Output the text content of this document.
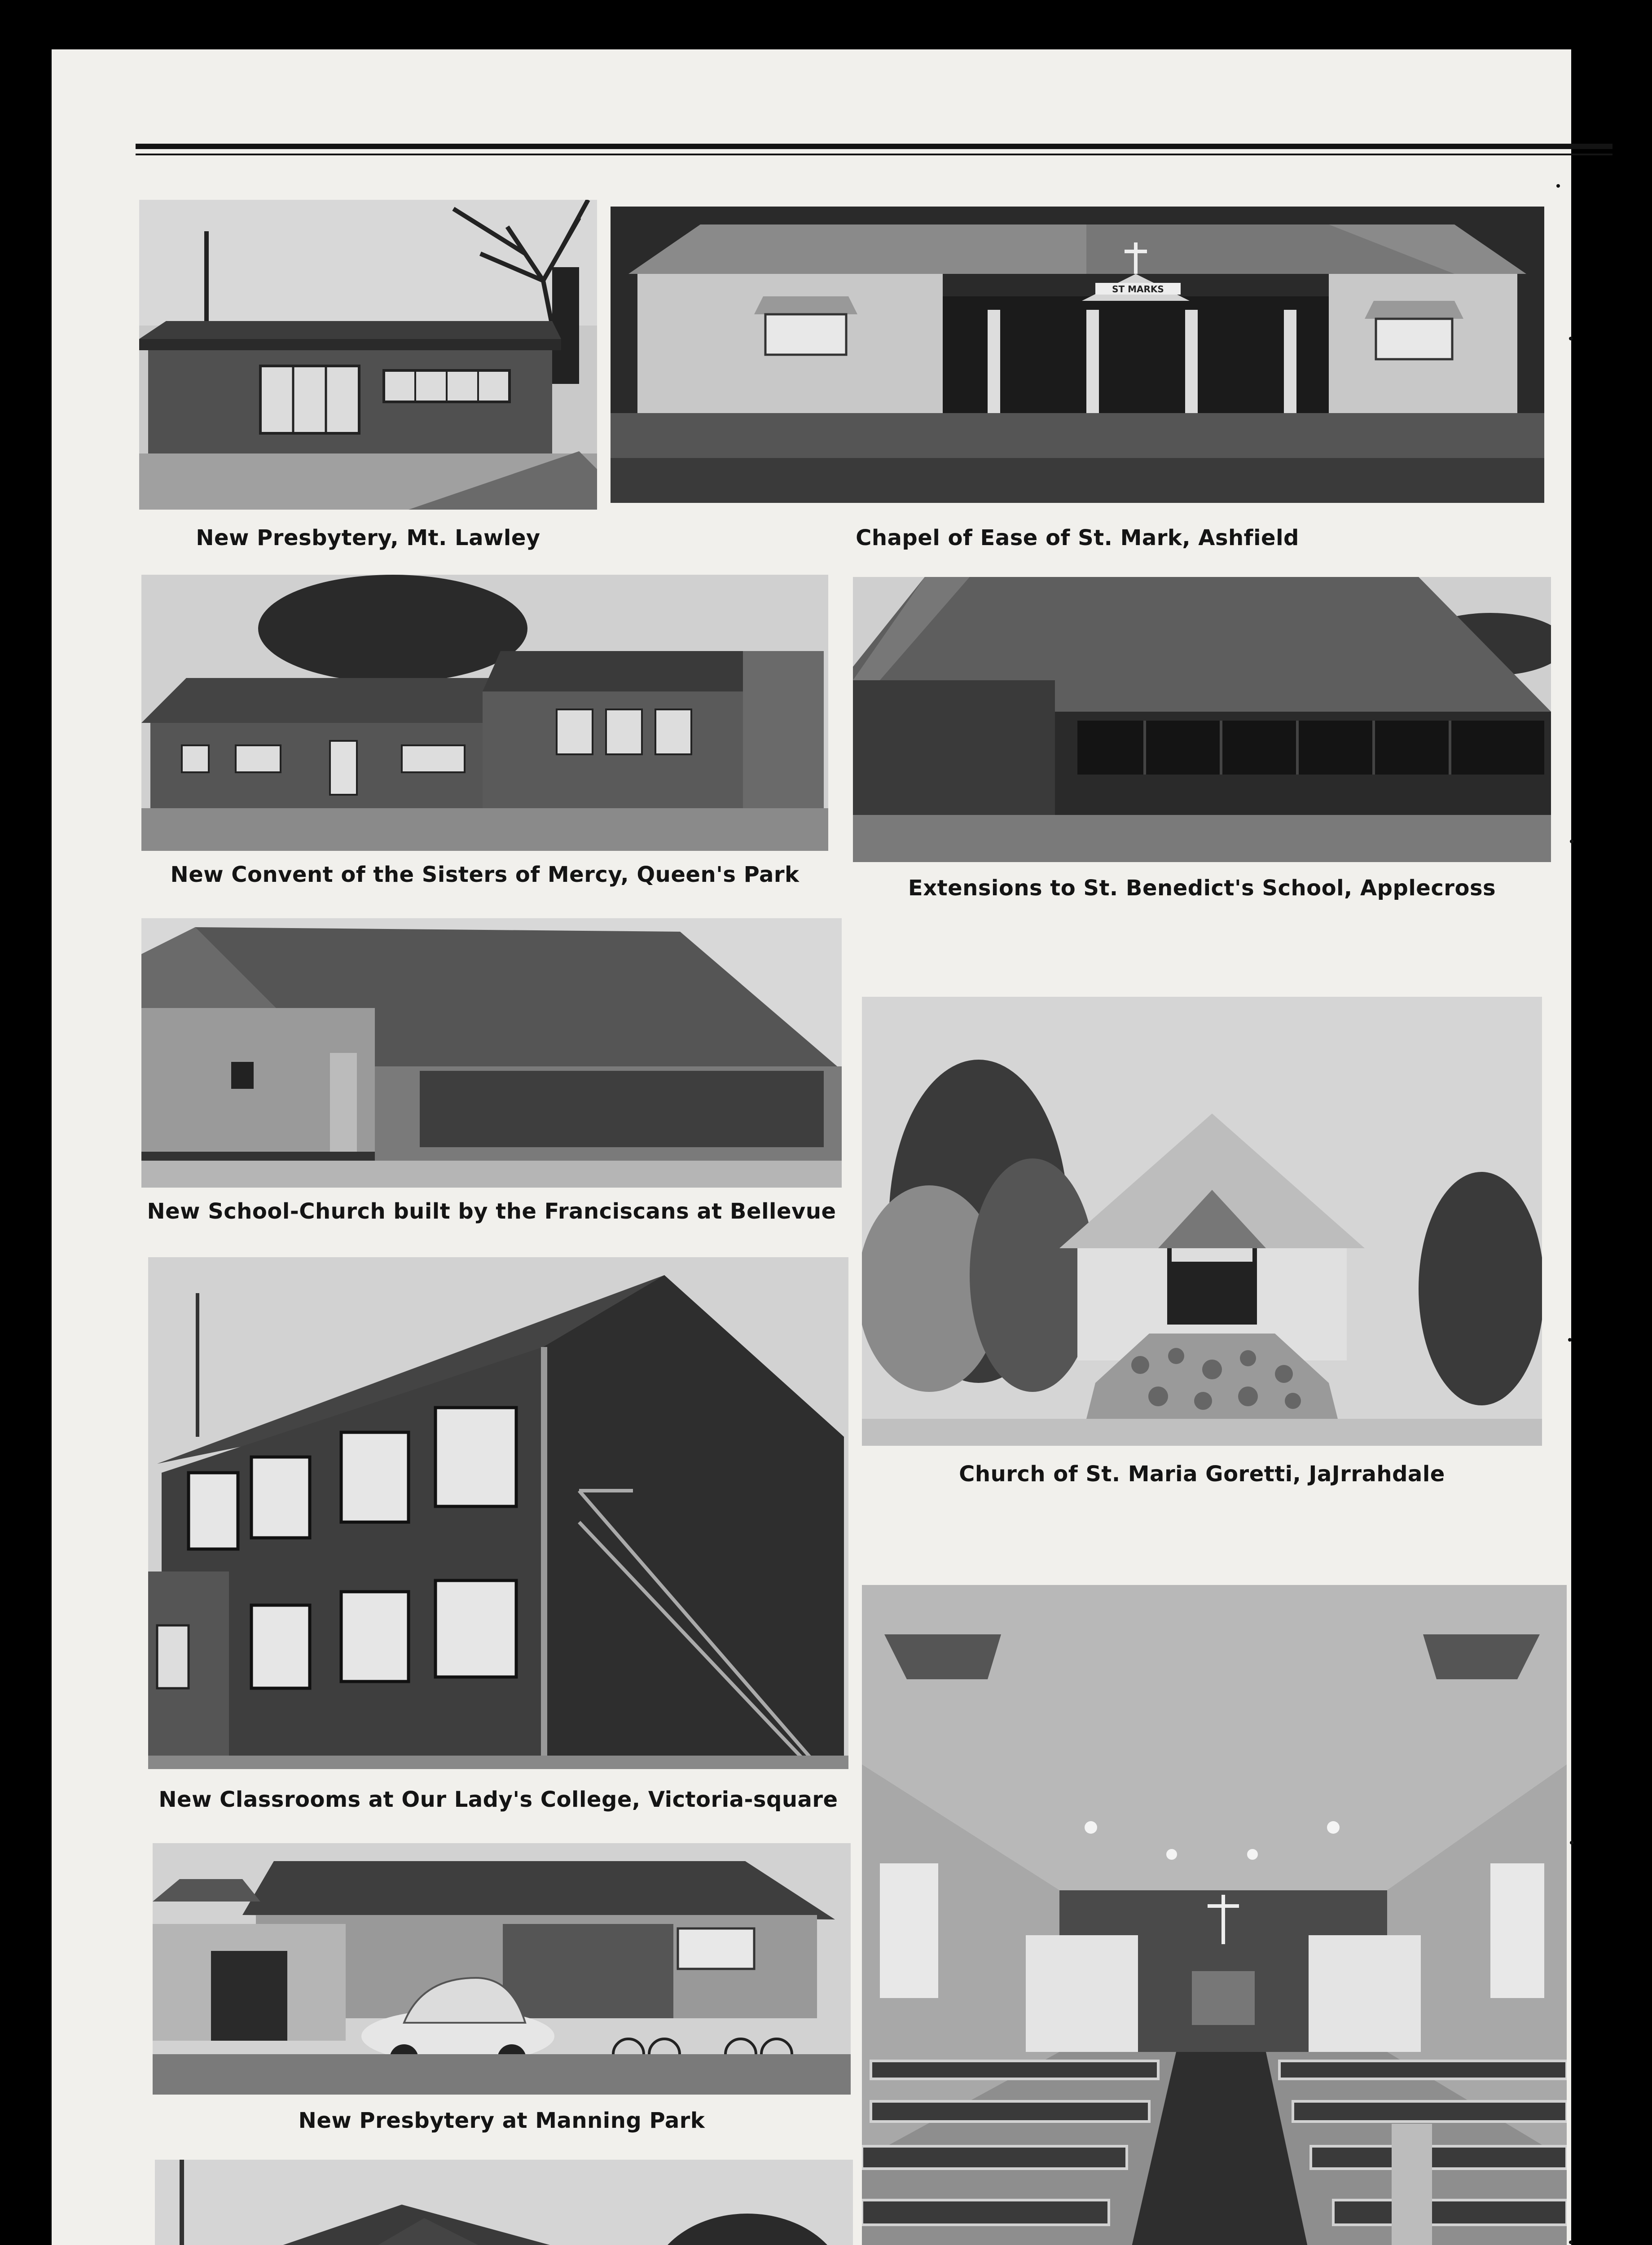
New Presbytery, Mt. Lawley
ST MARKS
Chapel of Ease of St. Mark, Ashfield
New Convent of the Sisters of Mercy, Queen's Park
Extensions to St. Benedict's School, Applecross
New School-Church built by the Franciscans at Bellevue
Church of St. Maria Goretti, JaJrrahdale
New Classrooms at Our Lady's College, Victoria-square
New Presbytery at Manning Park
